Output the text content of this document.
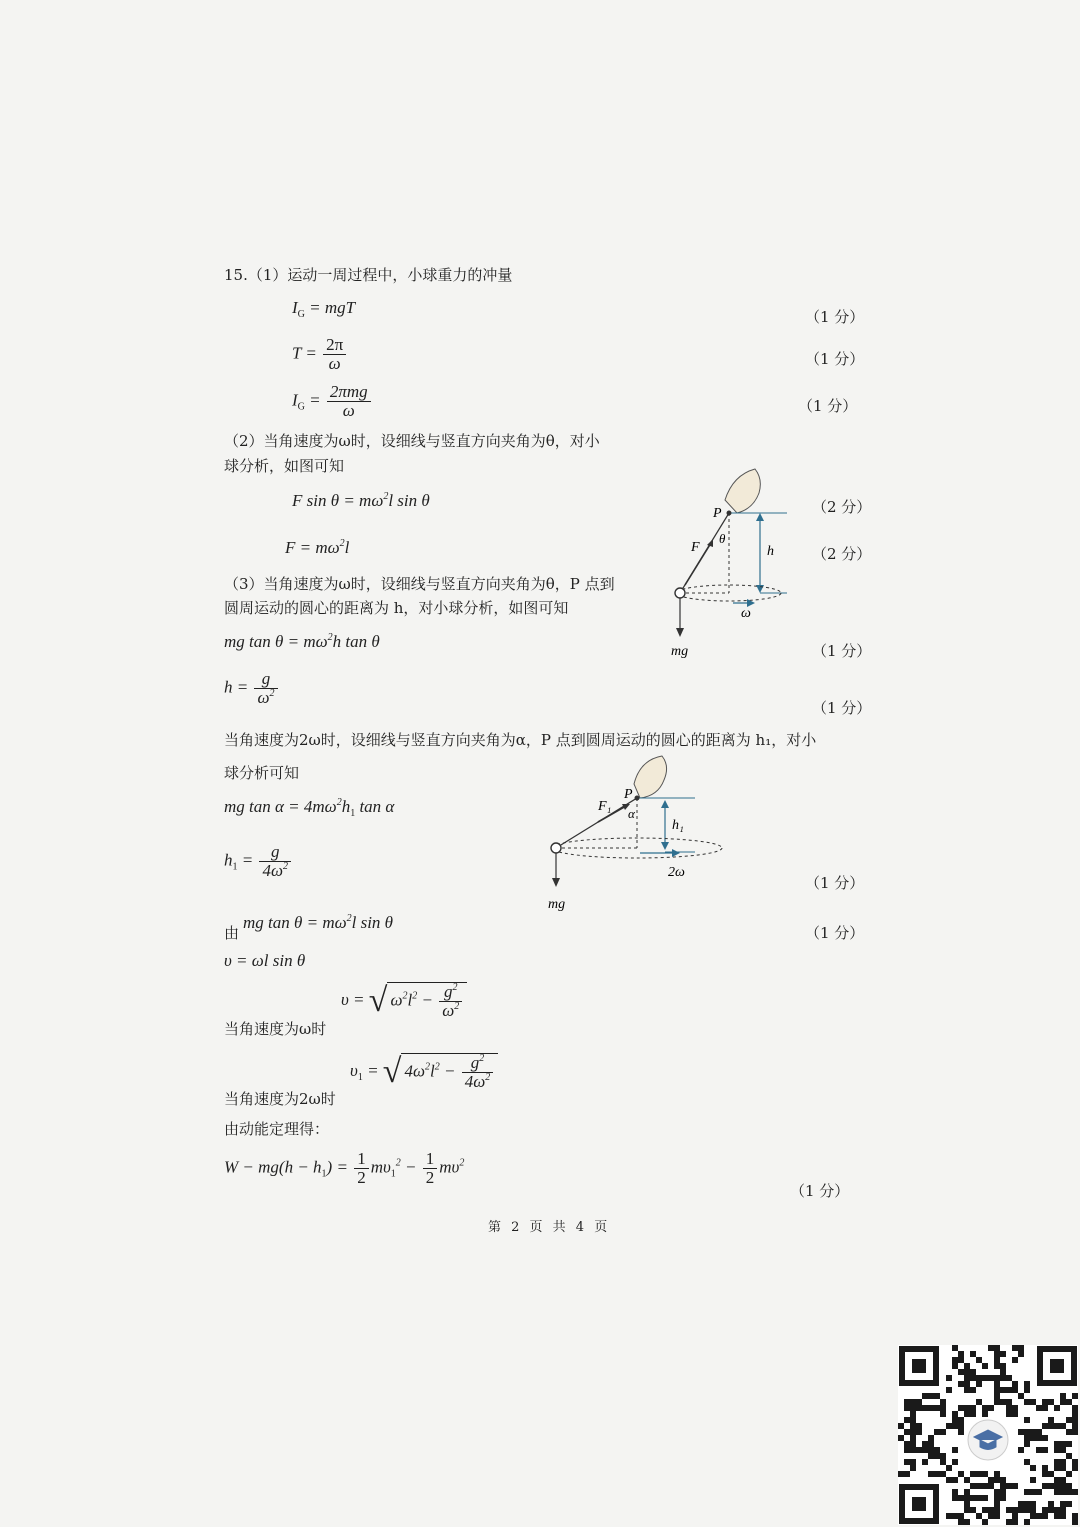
15.（1）运动一周过程中，小球重力的冲量
$I_G$ = mgT	（1 分）
$T = \frac{2\pi}{\omega}$	（1 分）
$I_G = \frac{\text{2πmg}}{\omega}$	（1 分）
（2）当角速度为ω时，设细线与竖直方向夹角为θ，对小
球分析，如图可知
F $\sin \theta = m\omega^2l$ sin θ	（2 分）
$F = m\omega^2l$	（2 分）
（3）当角速度为ω时，设细线与竖直方向夹角为θ，P 点到
圆周运动的圆心的距离为 h，对小球分析，如图可知
mg $\tan \theta = m\omega^2h$ tan θ	（1 分）
$h = \frac{g}{\omega^2}$
（1 分）
当角速度为2ω时，设细线与竖直方向夹角为α，P 点到圆周运动的圆心的距离为 h₁，对小
球分析可知
mg $\tan \alpha = 4m\omega^2h_1$ tan α
$h_1 = \frac{g}{4\omega^2}$
（1 分）
由
mg $\tan \theta = m\omega^2l$ sin θ
（1 分）
υ = ωl sin θ
当角速度为ω时
υ = √ $\omega^2l^2 - \frac{g^2}{\omega^2}$
当角速度为2ω时
$\upsilon_1$ = √ $4\omega^2l^2 - \frac{g^2}{4\omega^2}$
由动能定理得：
$W - mg(h - h_1) = \frac{1}{2} m\upsilon_1^2 - \frac{1}{2} m\upsilon^2$
（1 分）
P
θ
F	h
ω
mg
P
α
F₁
h₁
2ω
mg
第 2 页 共 4 页
